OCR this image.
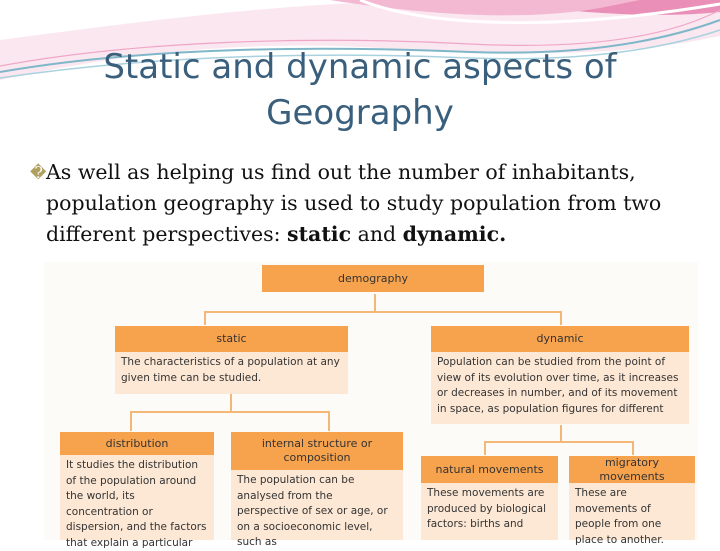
Static and dynamic aspects of
Geography
� As well as helping us find out the number of inhabitants, population geography is used to study population from two different perspectives: static and dynamic.
demography
static
The characteristics of a population at any given time can be studied.
dynamic
Population can be studied from the point of view of its evolution over time, as it increases or decreases in number, and of its movement in space, as population figures for different
distribution
It studies the distribution of the population around the world, its concentration or dispersion, and the factors that explain a particular
internal structure or composition
The population can be analysed from the perspective of sex or age, or on a socioeconomic level, such as
natural movements
These movements are produced by biological factors: births and
migratory movements
These are movements of people from one place to another.
